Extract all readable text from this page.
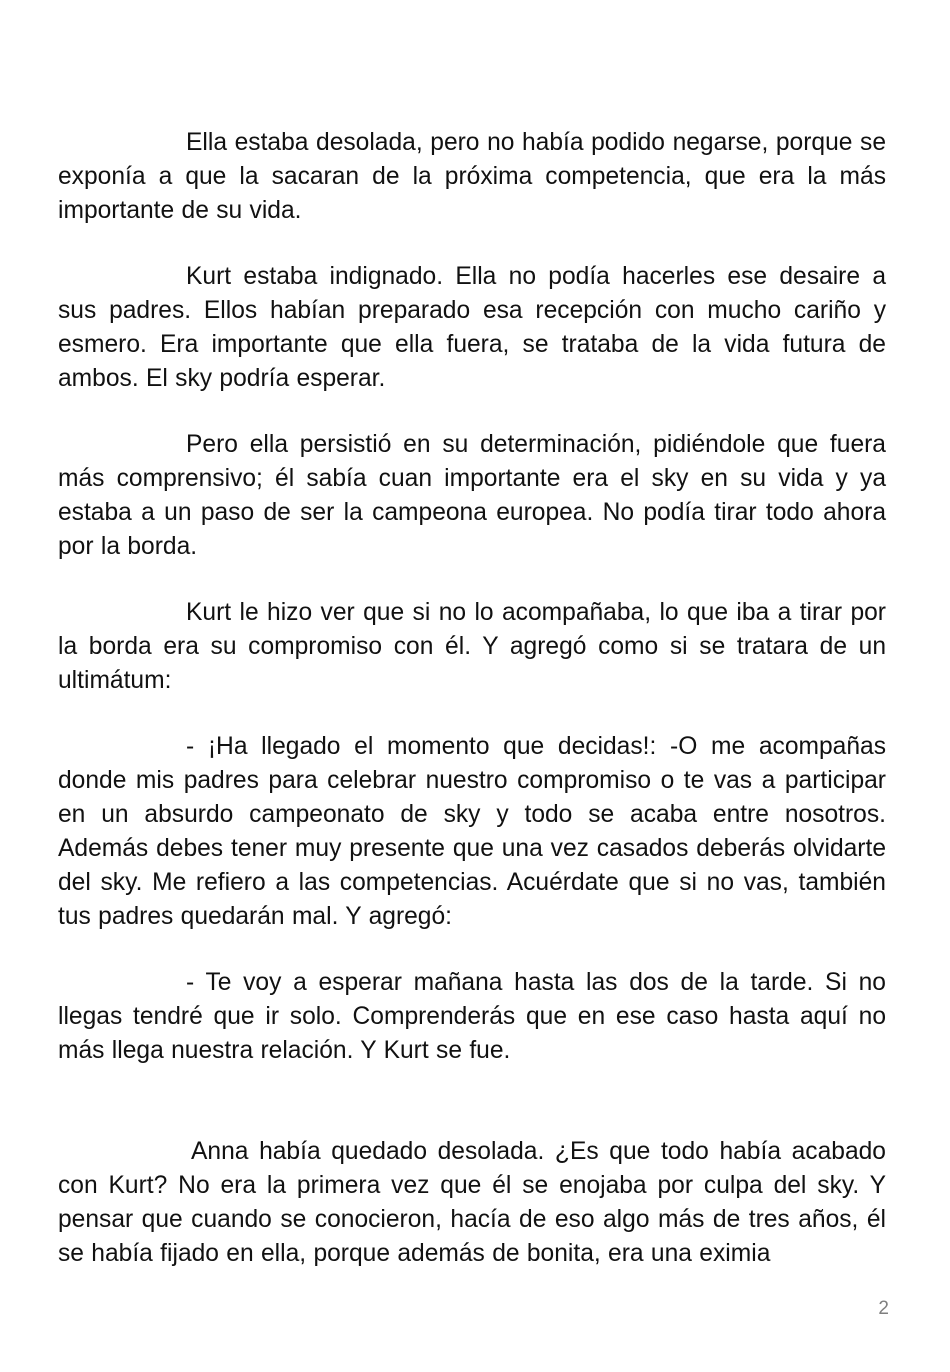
Ella estaba desolada, pero no había podido negarse, porque se exponía a que la sacaran de la próxima competencia, que era la más importante de su vida.

Kurt estaba indignado. Ella no podía hacerles ese desaire a sus padres. Ellos habían preparado esa recepción con mucho cariño y esmero. Era importante que ella fuera, se trataba de la vida futura de ambos. El sky podría esperar.

Pero ella persistió en su determinación, pidiéndole que fuera más comprensivo; él sabía cuan importante era el sky en su vida y ya estaba a un paso de ser la campeona europea. No podía tirar todo ahora por la borda.

Kurt le hizo ver que si no lo acompañaba, lo que iba a tirar por la borda era su compromiso con él. Y agregó como si se tratara de un ultimátum:

- ¡Ha llegado el momento que decidas!: -O me acompañas donde mis padres para celebrar nuestro compromiso o te vas a participar en un absurdo campeonato de sky y todo se acaba entre nosotros. Además debes tener muy presente que una vez casados deberás olvidarte del sky. Me refiero a las competencias. Acuérdate que si no vas, también tus padres quedarán mal. Y agregó:

- Te voy a esperar mañana hasta las dos de la tarde. Si no llegas tendré que ir solo. Comprenderás que en ese caso hasta aquí no más llega nuestra relación. Y Kurt se fue.

Anna había quedado desolada. ¿Es que todo había acabado con Kurt? No era la primera vez que él se enojaba por culpa del sky. Y pensar que cuando se conocieron, hacía de eso algo más de tres años, él se había fijado en ella, porque además de bonita, era una eximia

2
